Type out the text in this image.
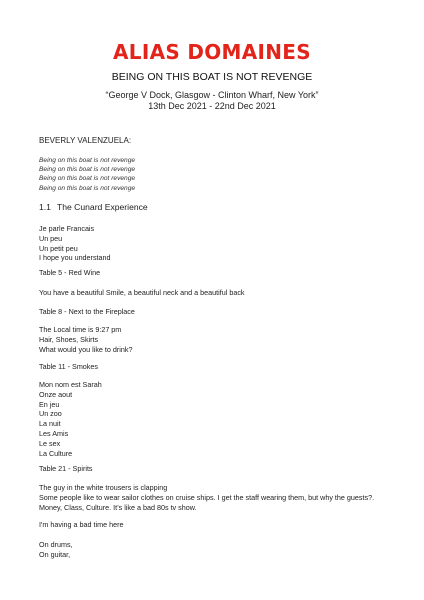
ALIAS DOMAINES
BEING ON THIS BOAT IS NOT REVENGE
“George V Dock, Glasgow - Clinton Wharf, New York”
13th Dec 2021 - 22nd Dec 2021
BEVERLY VALENZUELA:
Being on this boat is not revenge
Being on this boat is not revenge
Being on this boat is not revenge
Being on this boat is not revenge
1.1 The Cunard Experience
Je parle Francais
Un peu
Un petit peu
I hope you understand
Table 5 - Red Wine
You have a beautiful Smile, a beautiful neck and a beautiful back
Table 8 - Next to the Fireplace
The Local time is 9:27 pm
Hair, Shoes, Skirts
What would you like to drink?
Table 11 - Smokes
Mon nom est Sarah
Onze aout
En jeu
Un zoo
La nuit
Les Amis
Le sex
La Culture
Table 21 - Spirits
The guy in the white trousers is clapping
Some people like to wear sailor clothes on cruise ships. I get the staff wearing them, but why the guests?. Money, Class, Culture. It’s like a bad 80s tv show.
I'm having a bad time here
On drums,
On guitar,
